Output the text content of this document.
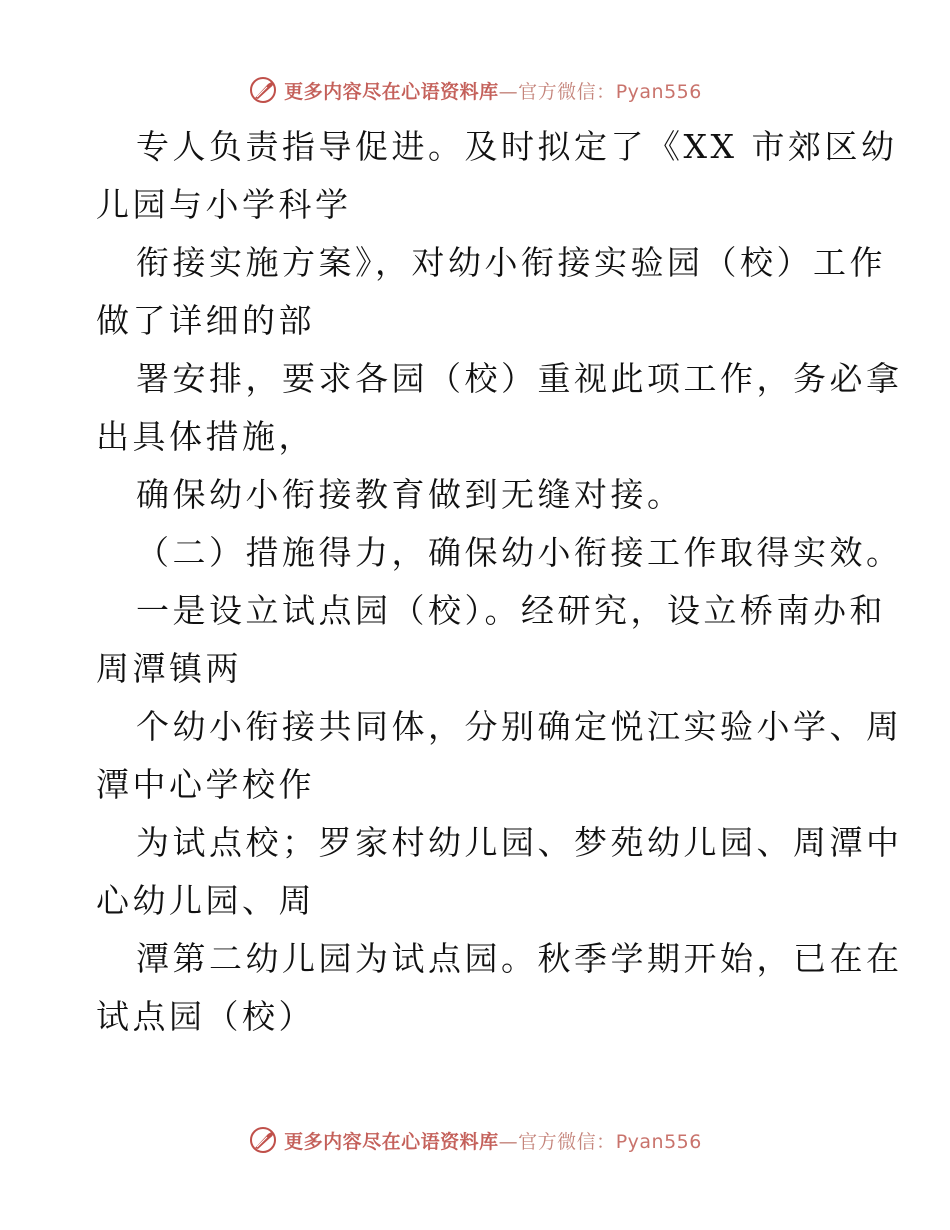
更多内容尽在心语资料库—官方微信：Pyan556
专人负责指导促进。及时拟定了《XX 市郊区幼
儿园与小学科学
衔接实施方案》，对幼小衔接实验园（校）工作
做了详细的部
署安排，要求各园（校）重视此项工作，务必拿
出具体措施，
确保幼小衔接教育做到无缝对接。
（二）措施得力，确保幼小衔接工作取得实效。
一是设立试点园（校）。经研究，设立桥南办和
周潭镇两
个幼小衔接共同体，分别确定悦江实验小学、周
潭中心学校作
为试点校；罗家村幼儿园、梦苑幼儿园、周潭中
心幼儿园、周
潭第二幼儿园为试点园。秋季学期开始，已在在
试点园（校）
更多内容尽在心语资料库—官方微信：Pyan556
